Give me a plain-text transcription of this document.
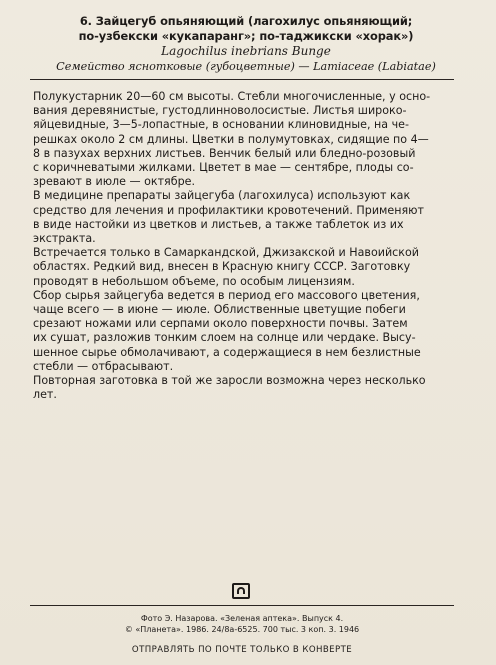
6. Зайцегуб опьяняющий (лагохилус опьяняющий;
по-узбекски «кукапаранг»; по-таджикски «хорак»)
Lagochilus inebrians Bunge
Семейство яснотковые (губоцветные) — Lamiaceae (Labiatae)

Полукустарник 20—60 см высоты. Стебли многочисленные, у осно-
вания деревянистые, густодлинноволосистые. Листья широко-
яйцевидные, 3—5-лопастные, в основании клиновидные, на че-
решках около 2 см длины. Цветки в полумутовках, сидящие по 4—
8 в пазухах верхних листьев. Венчик белый или бледно-розовый
с коричневатыми жилками. Цветет в мае — сентябре, плоды со-
зревают в июле — октябре.

В медицине препараты зайцегуба (лагохилуса) используют как
средство для лечения и профилактики кровотечений. Применяют
в виде настойки из цветков и листьев, а также таблеток из их
экстракта.

Встречается только в Самаркандской, Джизакской и Навоийской
областях. Редкий вид, внесен в Красную книгу СССР. Заготовку
проводят в небольшом объеме, по особым лицензиям.

Сбор сырья зайцегуба ведется в период его массового цветения,
чаще всего — в июне — июле. Облиственные цветущие побеги
срезают ножами или серпами около поверхности почвы. Затем
их сушат, разложив тонким слоем на солнце или чердаке. Высу-
шенное сырье обмолачивают, а содержащиеся в нем безлистные
стебли — отбрасывают.

Повторная заготовка в той же заросли возможна через несколько
лет.

Фото Э. Назарова. «Зеленая аптека». Выпуск 4.
© «Планета». 1986. 24/8а-6525. 700 тыс. 3 коп. 3. 1946
ОТПРАВЛЯТЬ ПО ПОЧТЕ ТОЛЬКО В КОНВЕРТЕ
